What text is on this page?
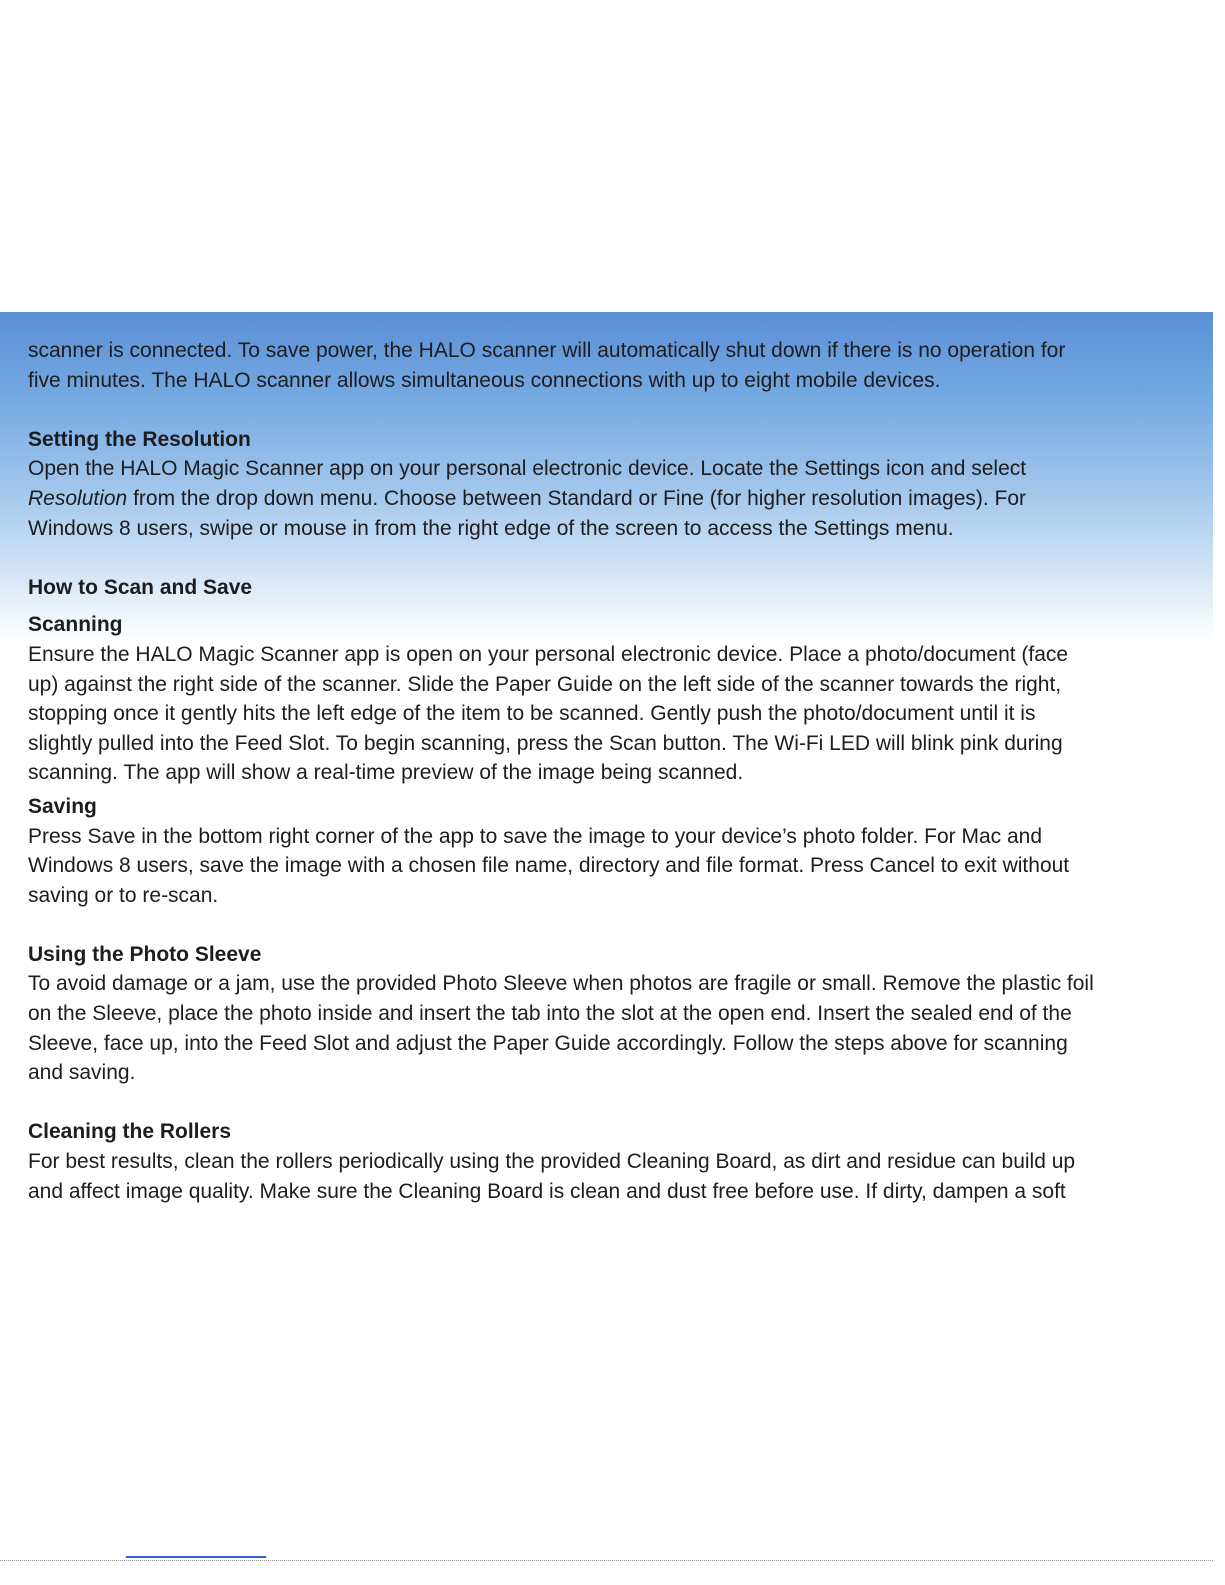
scanner is connected. To save power, the HALO scanner will automatically shut down if there is no operation for
five minutes. The HALO scanner allows simultaneous connections with up to eight mobile devices.
Setting the Resolution
Open the HALO Magic Scanner app on your personal electronic device. Locate the Settings icon and select
Resolution from the drop down menu. Choose between Standard or Fine (for higher resolution images). For
Windows 8 users, swipe or mouse in from the right edge of the screen to access the Settings menu.
How to Scan and Save
Scanning
Ensure the HALO Magic Scanner app is open on your personal electronic device. Place a photo/document (face
up) against the right side of the scanner. Slide the Paper Guide on the left side of the scanner towards the right,
stopping once it gently hits the left edge of the item to be scanned. Gently push the photo/document until it is
slightly pulled into the Feed Slot. To begin scanning, press the Scan button. The Wi-Fi LED will blink pink during
scanning. The app will show a real-time preview of the image being scanned.
Saving
Press Save in the bottom right corner of the app to save the image to your device’s photo folder. For Mac and
Windows 8 users, save the image with a chosen file name, directory and file format. Press Cancel to exit without
saving or to re-scan.
Using the Photo Sleeve
To avoid damage or a jam, use the provided Photo Sleeve when photos are fragile or small. Remove the plastic foil
on the Sleeve, place the photo inside and insert the tab into the slot at the open end. Insert the sealed end of the
Sleeve, face up, into the Feed Slot and adjust the Paper Guide accordingly. Follow the steps above for scanning
and saving.
Cleaning the Rollers
For best results, clean the rollers periodically using the provided Cleaning Board, as dirt and residue can build up
and affect image quality. Make sure the Cleaning Board is clean and dust free before use. If dirty, dampen a soft
